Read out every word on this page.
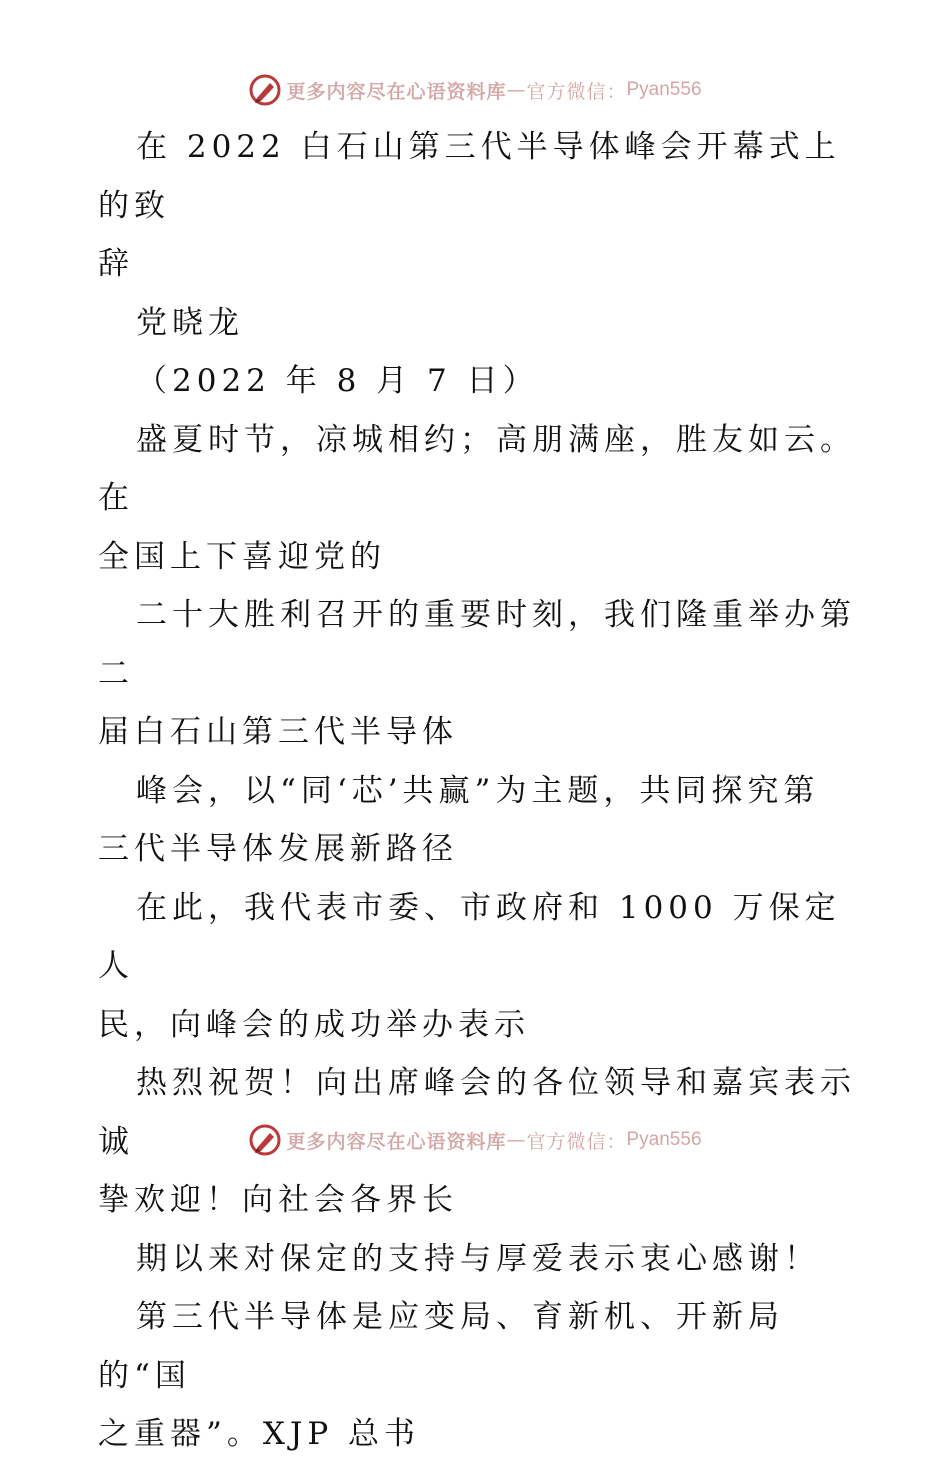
更多内容尽在心语资料库 — 官方微信： Pyan556

在 2022 白石山第三代半导体峰会开幕式上的致
辞

党晓龙

（2022 年 8 月 7 日）

盛夏时节，凉城相约；高朋满座，胜友如云。在
全国上下喜迎党的

二十大胜利召开的重要时刻，我们隆重举办第二
届白石山第三代半导体

峰会，以“同‘芯’共赢”为主题，共同探究第
三代半导体发展新路径

在此，我代表市委、市政府和 1000 万保定人
民，向峰会的成功举办表示

热烈祝贺！向出席峰会的各位领导和嘉宾表示诚
挚欢迎！向社会各界长

期以来对保定的支持与厚爱表示衷心感谢！

第三代半导体是应变局、育新机、开新局的“国
之重器”。XJP 总书

更多内容尽在心语资料库 — 官方微信： Pyan556
